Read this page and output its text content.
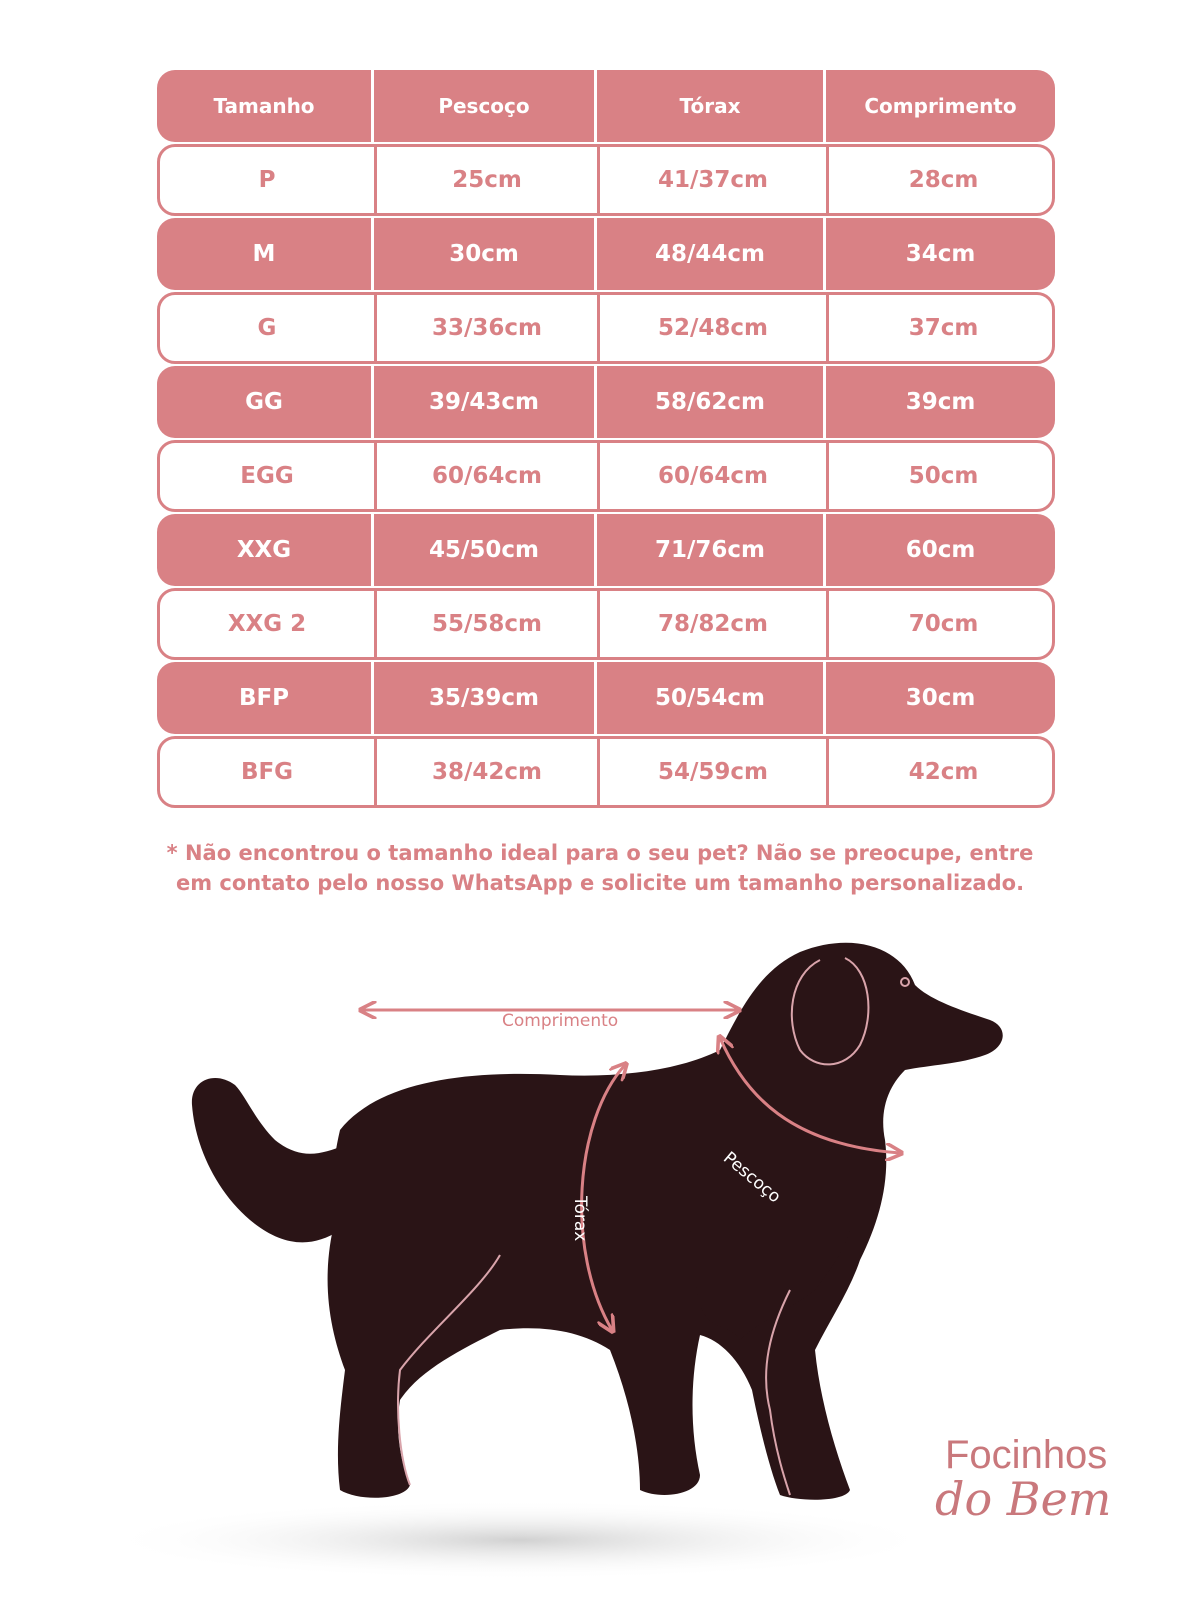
Tamanho	Pescoço	Tórax	Comprimento
P	25cm	41/37cm	28cm
M	30cm	48/44cm	34cm
G	33/36cm	52/48cm	37cm
GG	39/43cm	58/62cm	39cm
EGG	60/64cm	60/64cm	50cm
XXG	45/50cm	71/76cm	60cm
XXG 2	55/58cm	78/82cm	70cm
BFP	35/39cm	50/54cm	30cm
BFG	38/42cm	54/59cm	42cm

* Não encontrou o tamanho ideal para o seu pet? Não se preocupe, entre

em contato pelo nosso WhatsApp e solicite um tamanho personalizado.

Comprimento
Pescoço
Tórax
Focinhos
do Bem
